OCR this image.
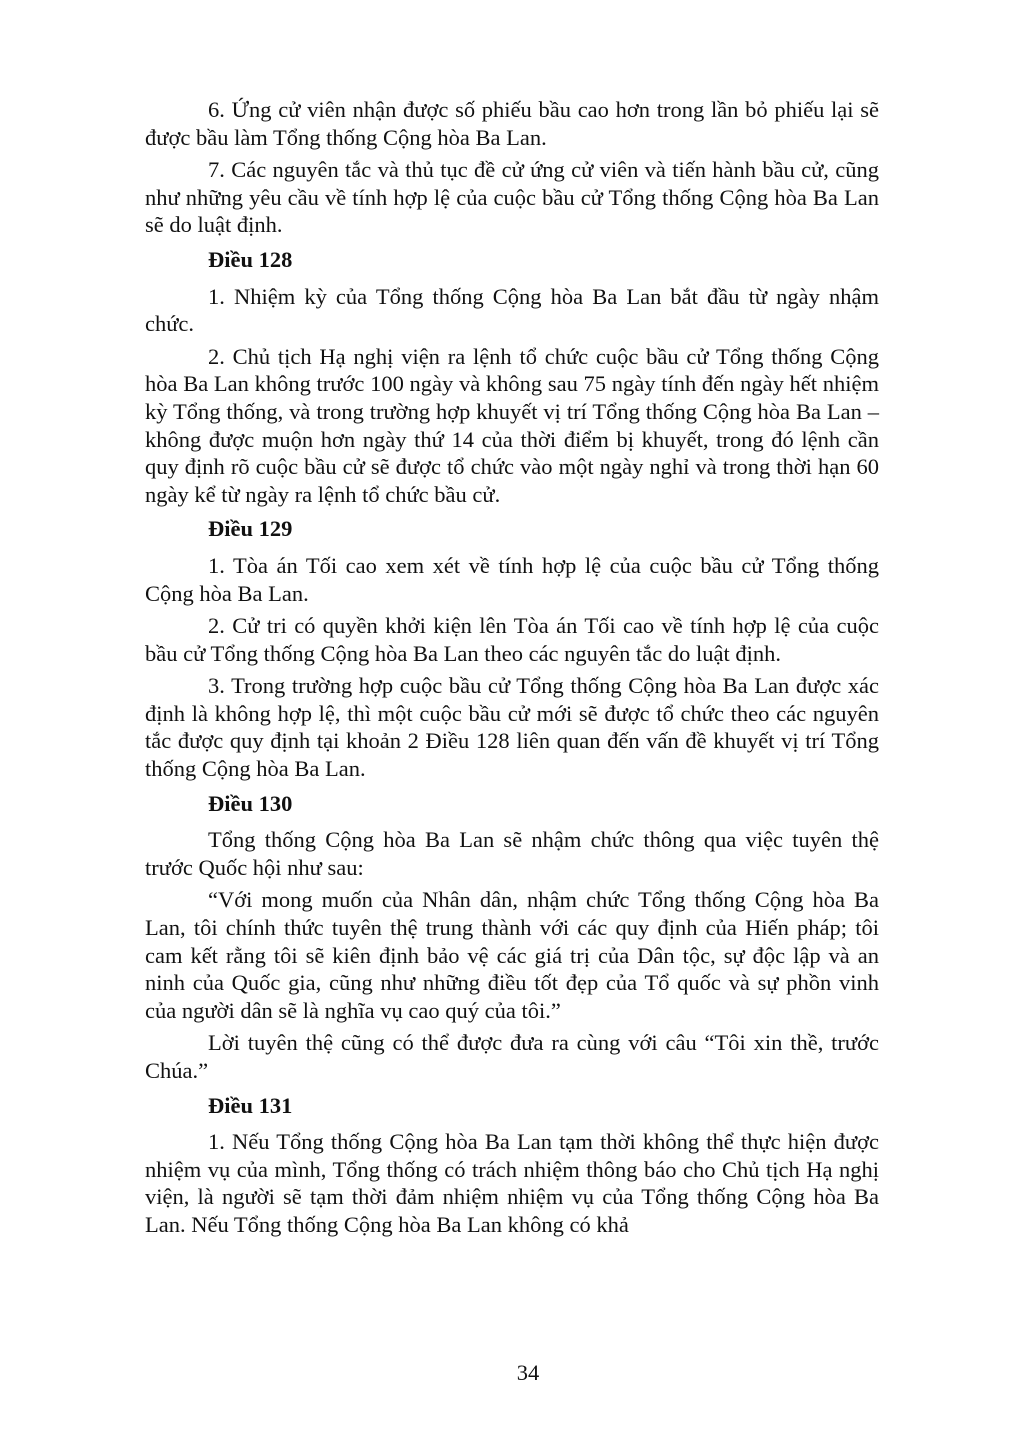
6. Ứng cử viên nhận được số phiếu bầu cao hơn trong lần bỏ phiếu lại sẽ được bầu làm Tổng thống Cộng hòa Ba Lan.

7. Các nguyên tắc và thủ tục đề cử ứng cử viên và tiến hành bầu cử, cũng như những yêu cầu về tính hợp lệ của cuộc bầu cử Tổng thống Cộng hòa Ba Lan sẽ do luật định.

Điều 128

1. Nhiệm kỳ của Tổng thống Cộng hòa Ba Lan bắt đầu từ ngày nhậm chức.

2. Chủ tịch Hạ nghị viện ra lệnh tổ chức cuộc bầu cử Tổng thống Cộng hòa Ba Lan không trước 100 ngày và không sau 75 ngày tính đến ngày hết nhiệm kỳ Tổng thống, và trong trường hợp khuyết vị trí Tổng thống Cộng hòa Ba Lan – không được muộn hơn ngày thứ 14 của thời điểm bị khuyết, trong đó lệnh cần quy định rõ cuộc bầu cử sẽ được tổ chức vào một ngày nghỉ và trong thời hạn 60 ngày kể từ ngày ra lệnh tổ chức bầu cử.

Điều 129

1. Tòa án Tối cao xem xét về tính hợp lệ của cuộc bầu cử Tổng thống Cộng hòa Ba Lan.

2. Cử tri có quyền khởi kiện lên Tòa án Tối cao về tính hợp lệ của cuộc bầu cử Tổng thống Cộng hòa Ba Lan theo các nguyên tắc do luật định.

3. Trong trường hợp cuộc bầu cử Tổng thống Cộng hòa Ba Lan được xác định là không hợp lệ, thì một cuộc bầu cử mới sẽ được tổ chức theo các nguyên tắc được quy định tại khoản 2 Điều 128 liên quan đến vấn đề khuyết vị trí Tổng thống Cộng hòa Ba Lan.

Điều 130

Tổng thống Cộng hòa Ba Lan sẽ nhậm chức thông qua việc tuyên thệ trước Quốc hội như sau:

“Với mong muốn của Nhân dân, nhậm chức Tổng thống Cộng hòa Ba Lan, tôi chính thức tuyên thệ trung thành với các quy định của Hiến pháp; tôi cam kết rằng tôi sẽ kiên định bảo vệ các giá trị của Dân tộc, sự độc lập và an ninh của Quốc gia, cũng như những điều tốt đẹp của Tổ quốc và sự phồn vinh của người dân sẽ là nghĩa vụ cao quý của tôi.”

Lời tuyên thệ cũng có thể được đưa ra cùng với câu “Tôi xin thề, trước Chúa.”

Điều 131

1. Nếu Tổng thống Cộng hòa Ba Lan tạm thời không thể thực hiện được nhiệm vụ của mình, Tổng thống có trách nhiệm thông báo cho Chủ tịch Hạ nghị viện, là người sẽ tạm thời đảm nhiệm nhiệm vụ của Tổng thống Cộng hòa Ba Lan. Nếu Tổng thống Cộng hòa Ba Lan không có khả

34
